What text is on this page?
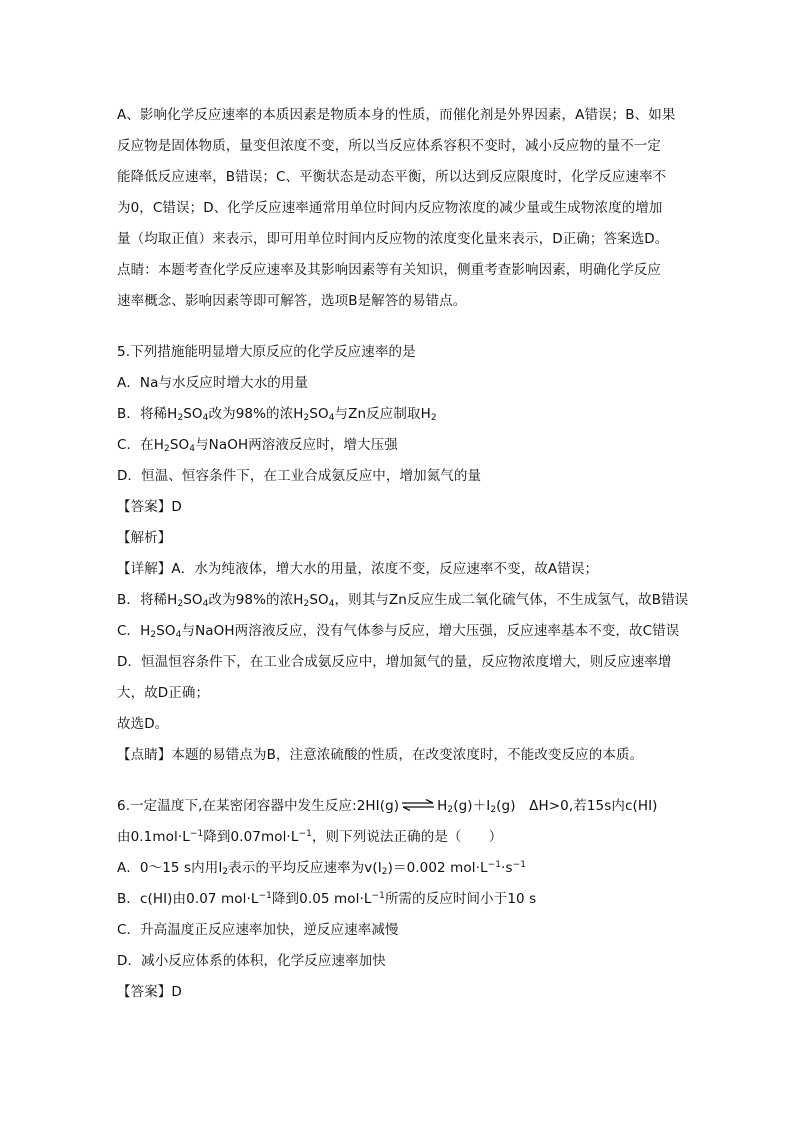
A、影响化学反应速率的本质因素是物质本身的性质，而催化剂是外界因素，A错误；B、如果

反应物是固体物质，量变但浓度不变，所以当反应体系容积不变时，减小反应物的量不一定

能降低反应速率，B错误；C、平衡状态是动态平衡，所以达到反应限度时，化学反应速率不

为0，C错误；D、化学反应速率通常用单位时间内反应物浓度的减少量或生成物浓度的增加

量（均取正值）来表示，即可用单位时间内反应物的浓度变化量来表示，D正确；答案选D。

点睛：本题考查化学反应速率及其影响因素等有关知识，侧重考查影响因素，明确化学反应

速率概念、影响因素等即可解答，选项B是解答的易错点。

5.下列措施能明显增大原反应的化学反应速率的是

A．Na与水反应时增大水的用量

B．将稀$H_2SO_4$改为98%的浓$H_2SO_4$与Zn反应制取$H_2$

C．在$H_2SO_4$与NaOH两溶液反应时，增大压强

D．恒温、恒容条件下，在工业合成氨反应中，增加氮气的量

【答案】D

【解析】

【详解】A．水为纯液体，增大水的用量，浓度不变，反应速率不变，故A错误；

B．将稀$H_2SO_4$改为98%的浓$H_2SO_4$，则其与Zn反应生成二氧化硫气体，不生成氢气，故B错误

C．$H_2SO_4$与NaOH两溶液反应，没有气体参与反应，增大压强，反应速率基本不变，故C错误

D．恒温恒容条件下，在工业合成氨反应中，增加氮气的量，反应物浓度增大，则反应速率增

大，故D正确；

故选D。

【点睛】本题的易错点为B，注意浓硫酸的性质，在改变浓度时，不能改变反应的本质。

6.一定温度下,在某密闭容器中发生反应:2HI(g) ⇌ $H_2(g)+I_2(g)$　ΔH>0,若15s内c(HI)

由$0.1mol\cdot L^{-1}$降到$0.07mol\cdot L^{-1}$，则下列说法正确的是（　　）

A．0～15 s内用$I_2$表示的平均反应速率为$v(I_2)=0.002$ $mol\cdot L^{-1}\cdot s^{-1}$

B．c(HI)由0.07 $mol\cdot L^{-1}$降到0.05 $mol\cdot L^{-1}$所需的反应时间小于10 s

C．升高温度正反应速率加快，逆反应速率减慢

D．减小反应体系的体积，化学反应速率加快

【答案】D
